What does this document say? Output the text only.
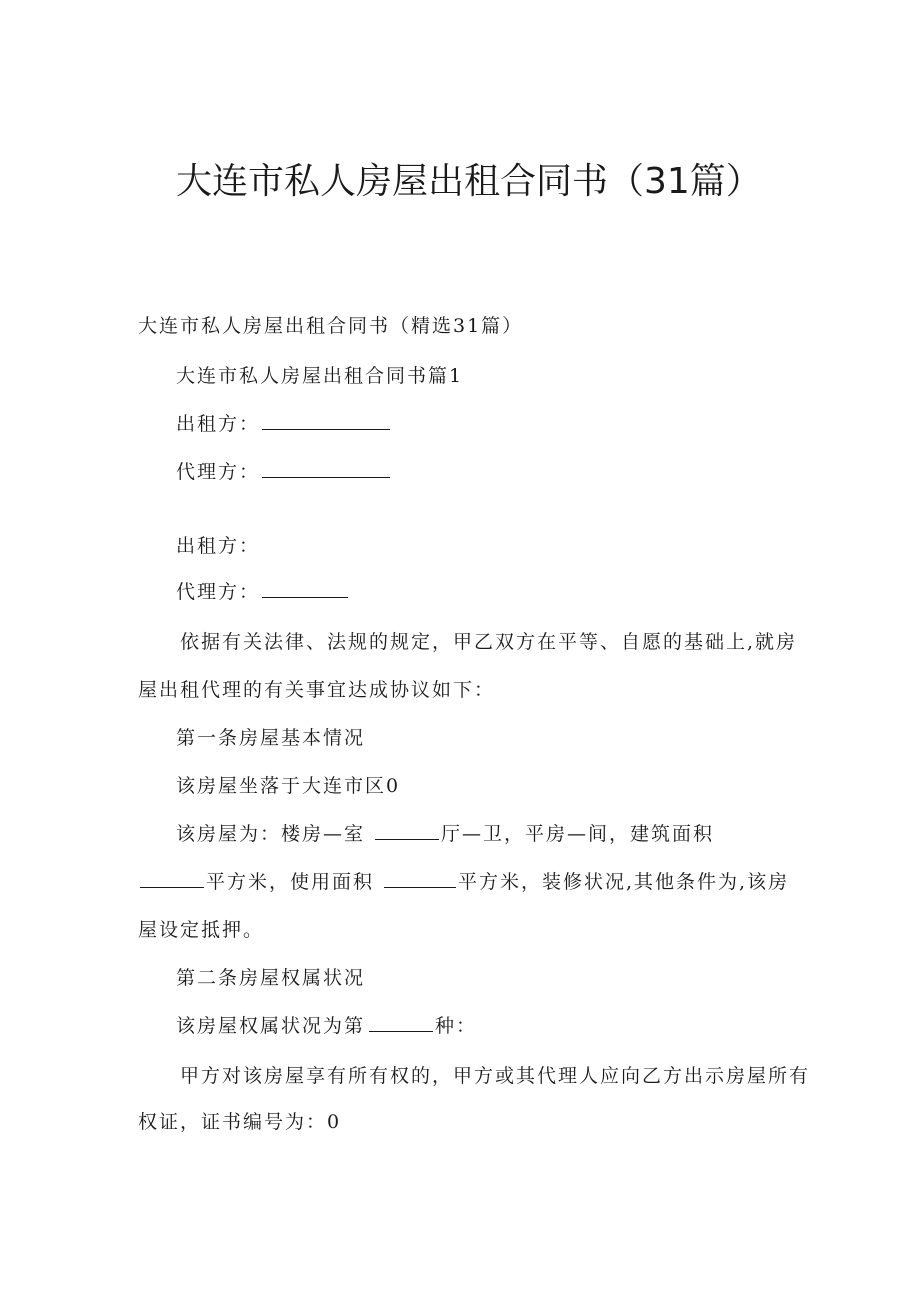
大连市私人房屋出租合同书（31篇）

大连市私人房屋出租合同书（精选31篇）

大连市私人房屋出租合同书篇1

出租方：

代理方：

出租方：

代理方：

依据有关法律、法规的规定，甲乙双方在平等、自愿的基础上,就房

屋出租代理的有关事宜达成协议如下：

第一条房屋基本情况

该房屋坐落于大连市区0

该房屋为：楼房—室	厅—卫，平房—间，建筑面积

平方米，使用面积	平方米，装修状况,其他条件为,该房

屋设定抵押。

第二条房屋权属状况

该房屋权属状况为第	种：

甲方对该房屋享有所有权的，甲方或其代理人应向乙方出示房屋所有

权证，证书编号为：0
